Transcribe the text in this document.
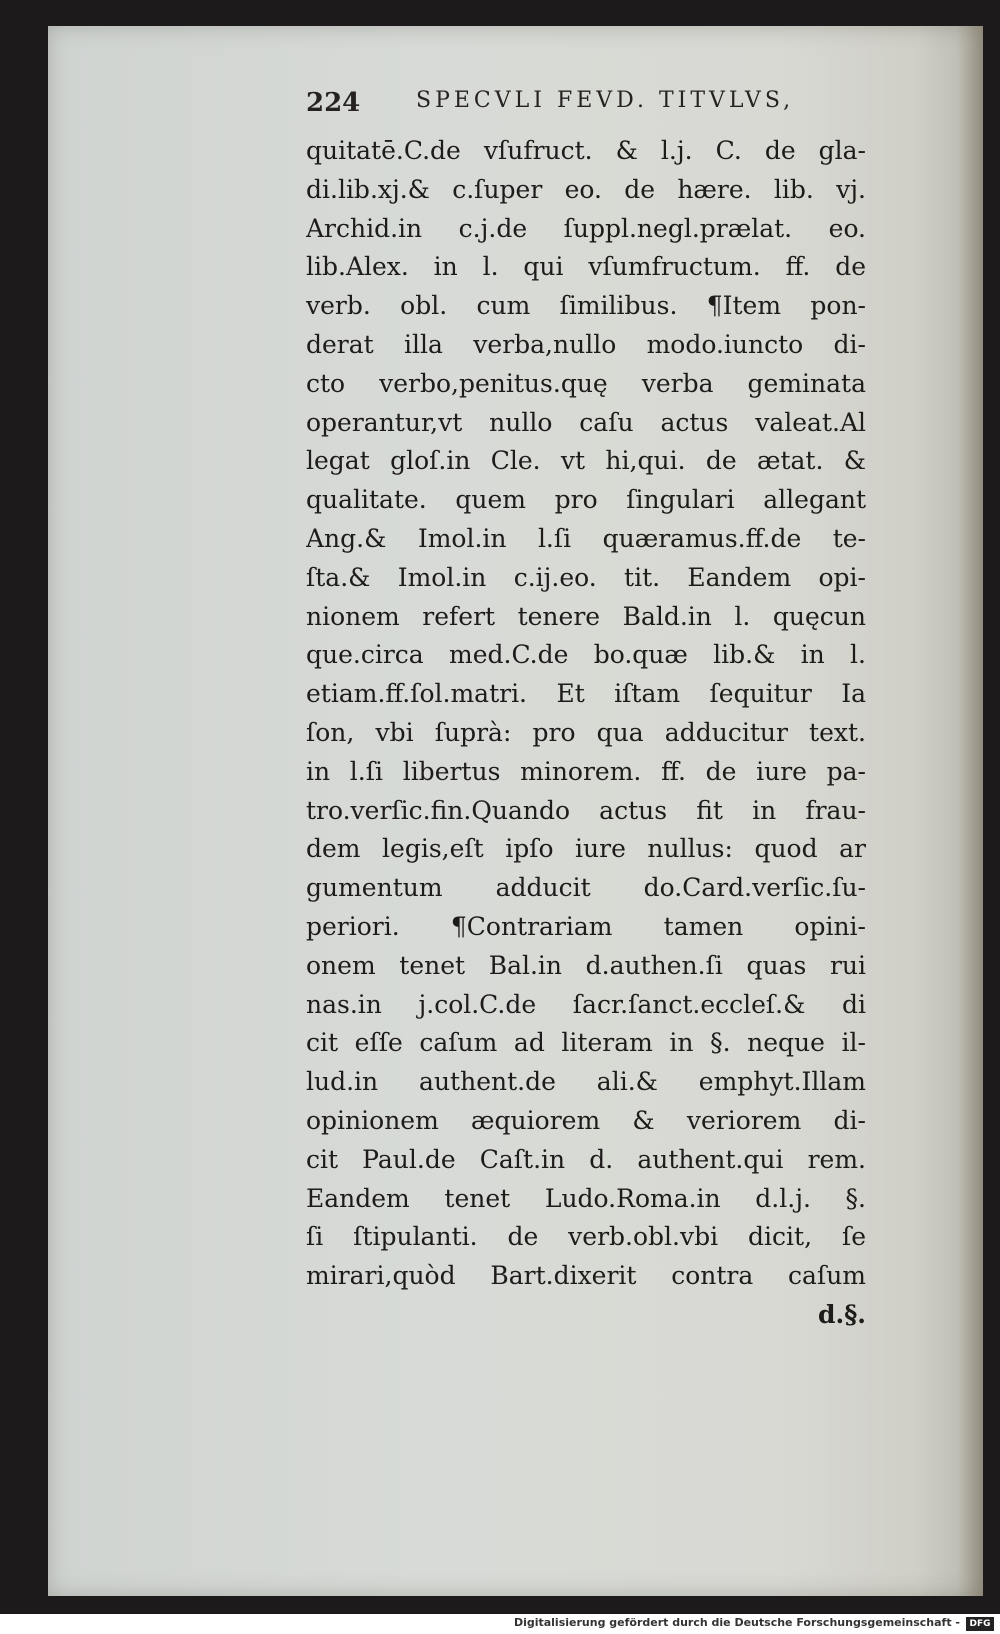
224	SPECVLI FEVD. TITVLVS,
quitatē.C.de vſufruct. & l.j. C. de gla-
di.lib.xj.& c.ſuper eo. de hære. lib. vj.
Archid.in c.j.de ſuppl.negl.prælat. eo.
lib.Alex. in l. qui vſumfructum. ff. de
verb. obl. cum ſimilibus. ¶Item pon-
derat illa verba,nullo modo.iuncto di-
cto verbo,penitus.quę verba geminata
operantur,vt nullo caſu actus valeat.Al
legat gloſ.in Cle. vt hi,qui. de ætat. &
qualitate. quem pro ſingulari allegant
Ang.& Imol.in l.ſi quæramus.ff.de te-
ſta.& Imol.in c.ij.eo. tit. Eandem opi-
nionem refert tenere Bald.in l. quęcun
que.circa med.C.de bo.quæ lib.& in l.
etiam.ff.ſol.matri. Et iſtam ſequitur Ia
ſon, vbi ſuprà: pro qua adducitur text.
in l.ſi libertus minorem. ff. de iure pa-
tro.verſic.fin.Quando actus fit in frau-
dem legis,eſt ipſo iure nullus: quod ar
gumentum adducit do.Card.verſic.ſu-
periori. ¶Contrariam tamen opini-
onem tenet Bal.in d.authen.ſi quas rui
nas.in j.col.C.de ſacr.ſanct.eccleſ.& di
cit eſſe caſum ad literam in §. neque il-
lud.in authent.de ali.& emphyt.Illam
opinionem æquiorem & veriorem di-
cit Paul.de Caſt.in d. authent.qui rem.
Eandem tenet Ludo.Roma.in d.l.j. §.
ſi ſtipulanti. de verb.obl.vbi dicit, ſe
mirari,quòd Bart.dixerit contra caſum
d.§.
Digitalisierung gefördert durch die Deutsche Forschungsgemeinschaft -	DFG
